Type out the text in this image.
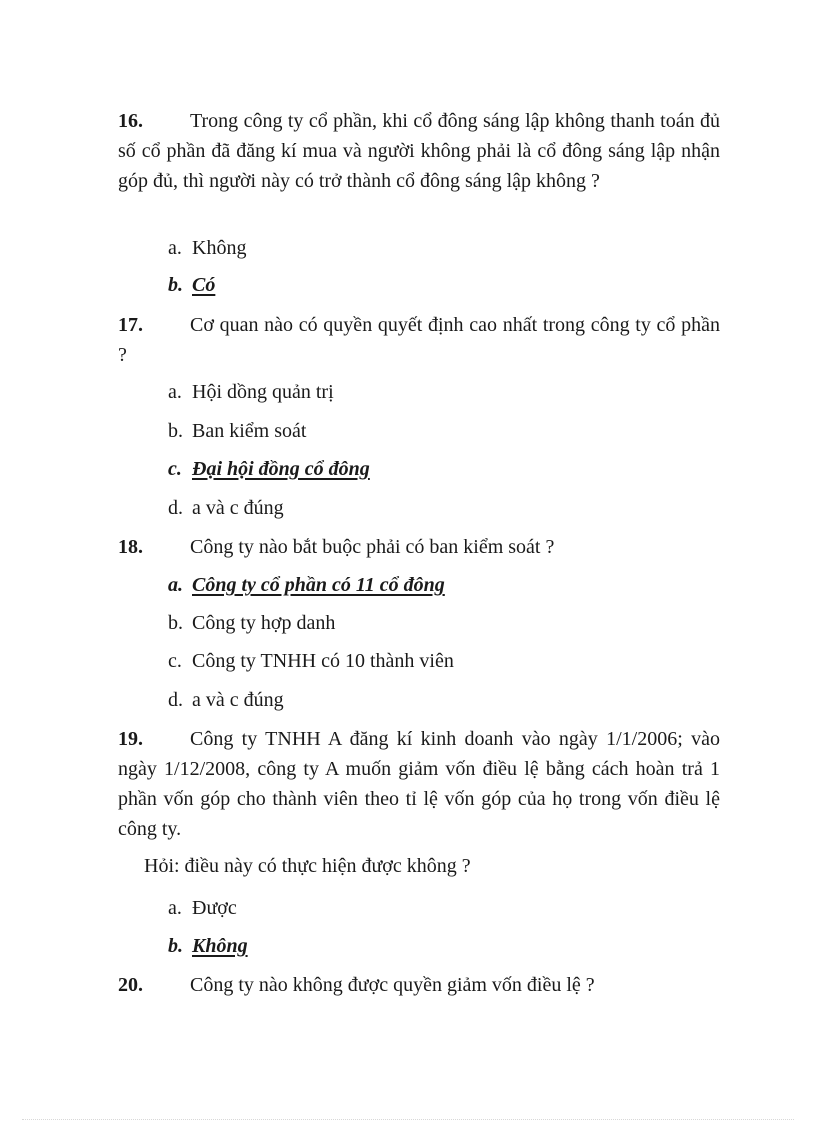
16. Trong công ty cổ phần, khi cổ đông sáng lập không thanh toán đủ số cổ phần đã đăng kí mua và người không phải là cổ đông sáng lập nhận góp đủ, thì người này có trở thành cổ đông sáng lập không ?
a. Không
b. Có
17. Cơ quan nào có quyền quyết định cao nhất trong công ty cổ phần ?
a. Hội dồng quản trị
b. Ban kiểm soát
c. Đại hội đồng cổ đông
d. a và c đúng
18. Công ty nào bắt buộc phải có ban kiểm soát ?
a. Công ty cổ phần có 11 cổ đông
b. Công ty hợp danh
c. Công ty TNHH có 10 thành viên
d. a và c đúng
19. Công ty TNHH A đăng kí kinh doanh vào ngày 1/1/2006; vào ngày 1/12/2008, công ty A muốn giảm vốn điều lệ bằng cách hoàn trả 1 phần vốn góp cho thành viên theo tỉ lệ vốn góp của họ trong vốn điều lệ công ty.
Hỏi: điều này có thực hiện được không ?
a. Được
b. Không
20. Công ty nào không được quyền giảm vốn điều lệ ?
